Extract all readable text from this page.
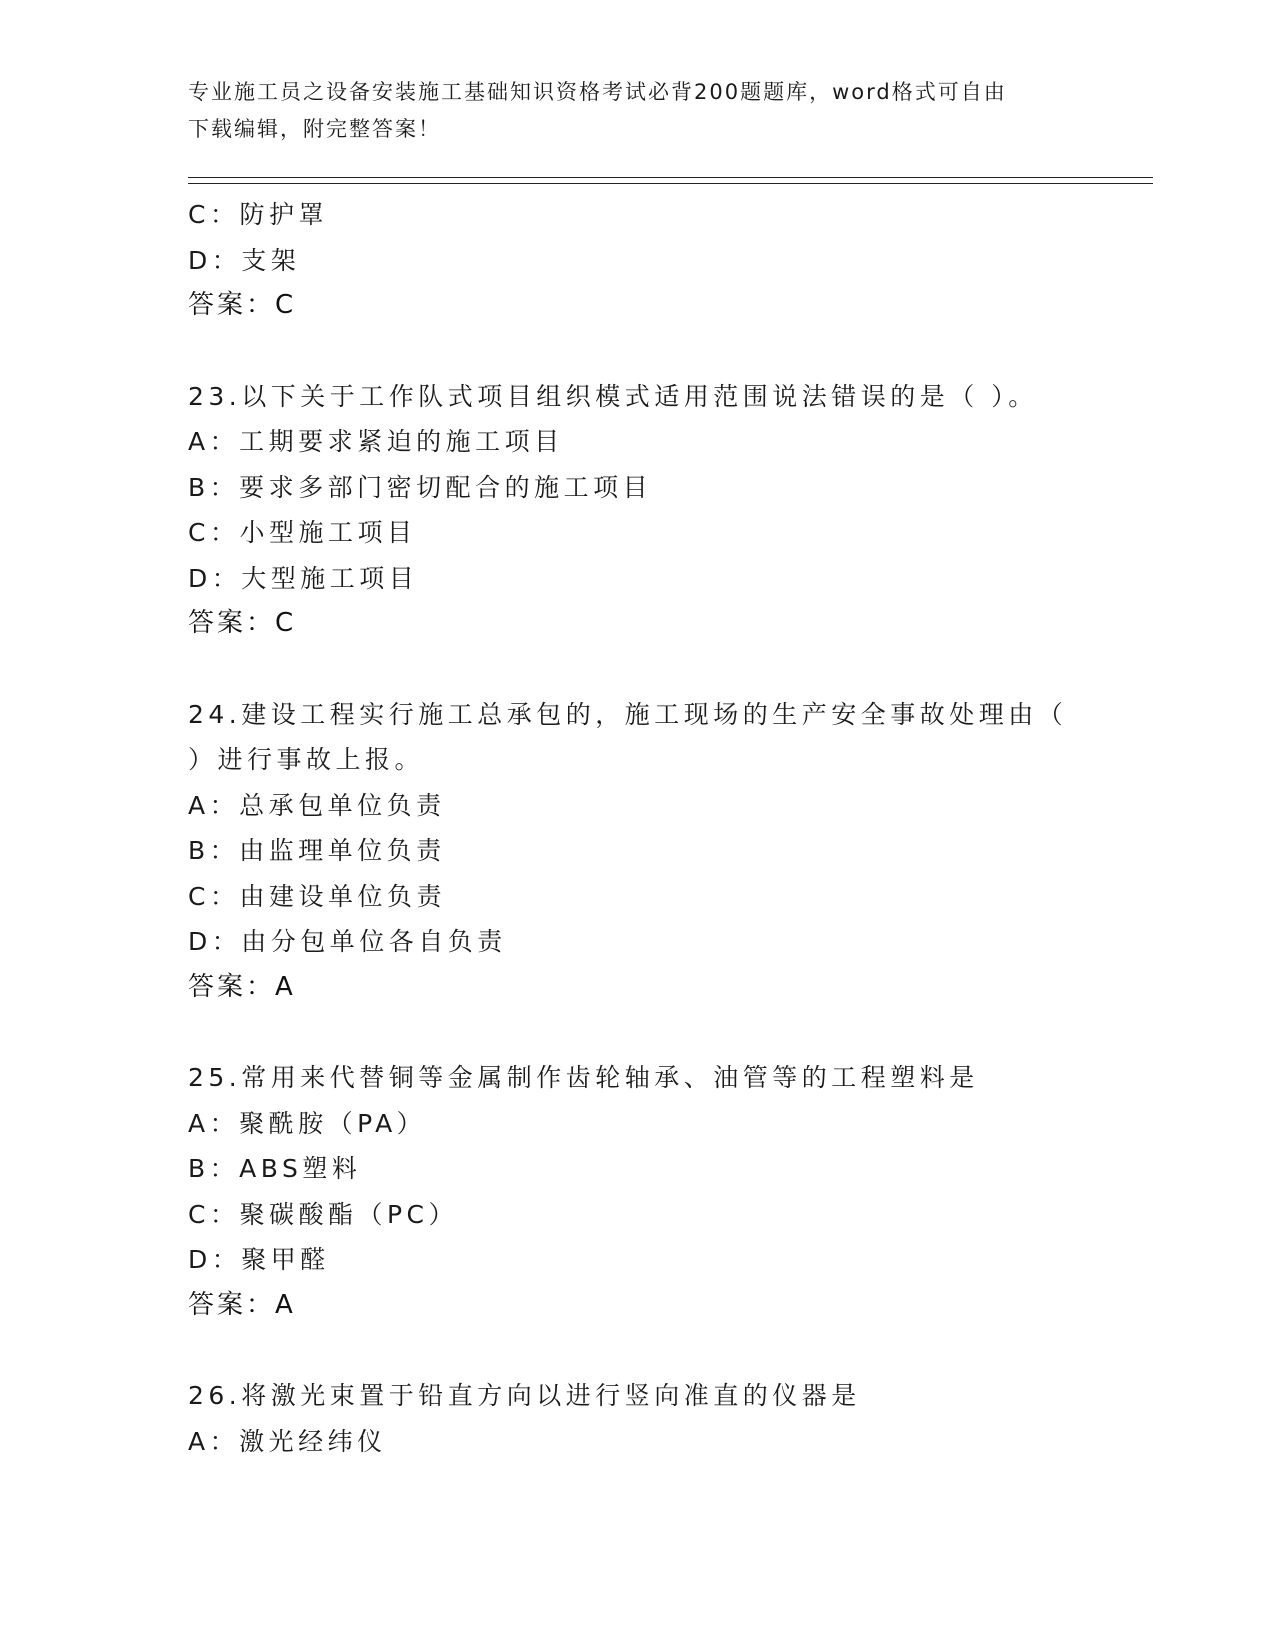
专业施工员之设备安装施工基础知识资格考试必背200题题库，word格式可自由
下载编辑，附完整答案！
C：防护罩
D：支架
答案：C
23.以下关于工作队式项目组织模式适用范围说法错误的是（ ）。
A：工期要求紧迫的施工项目
B：要求多部门密切配合的施工项目
C：小型施工项目
D：大型施工项目
答案：C
24.建设工程实行施工总承包的，施工现场的生产安全事故处理由（
）进行事故上报。
A：总承包单位负责
B：由监理单位负责
C：由建设单位负责
D：由分包单位各自负责
答案：A
25.常用来代替铜等金属制作齿轮轴承、油管等的工程塑料是
A：聚酰胺（PA）
B：ABS塑料
C：聚碳酸酯（PC）
D：聚甲醛
答案：A
26.将激光束置于铅直方向以进行竖向准直的仪器是
A：激光经纬仪
